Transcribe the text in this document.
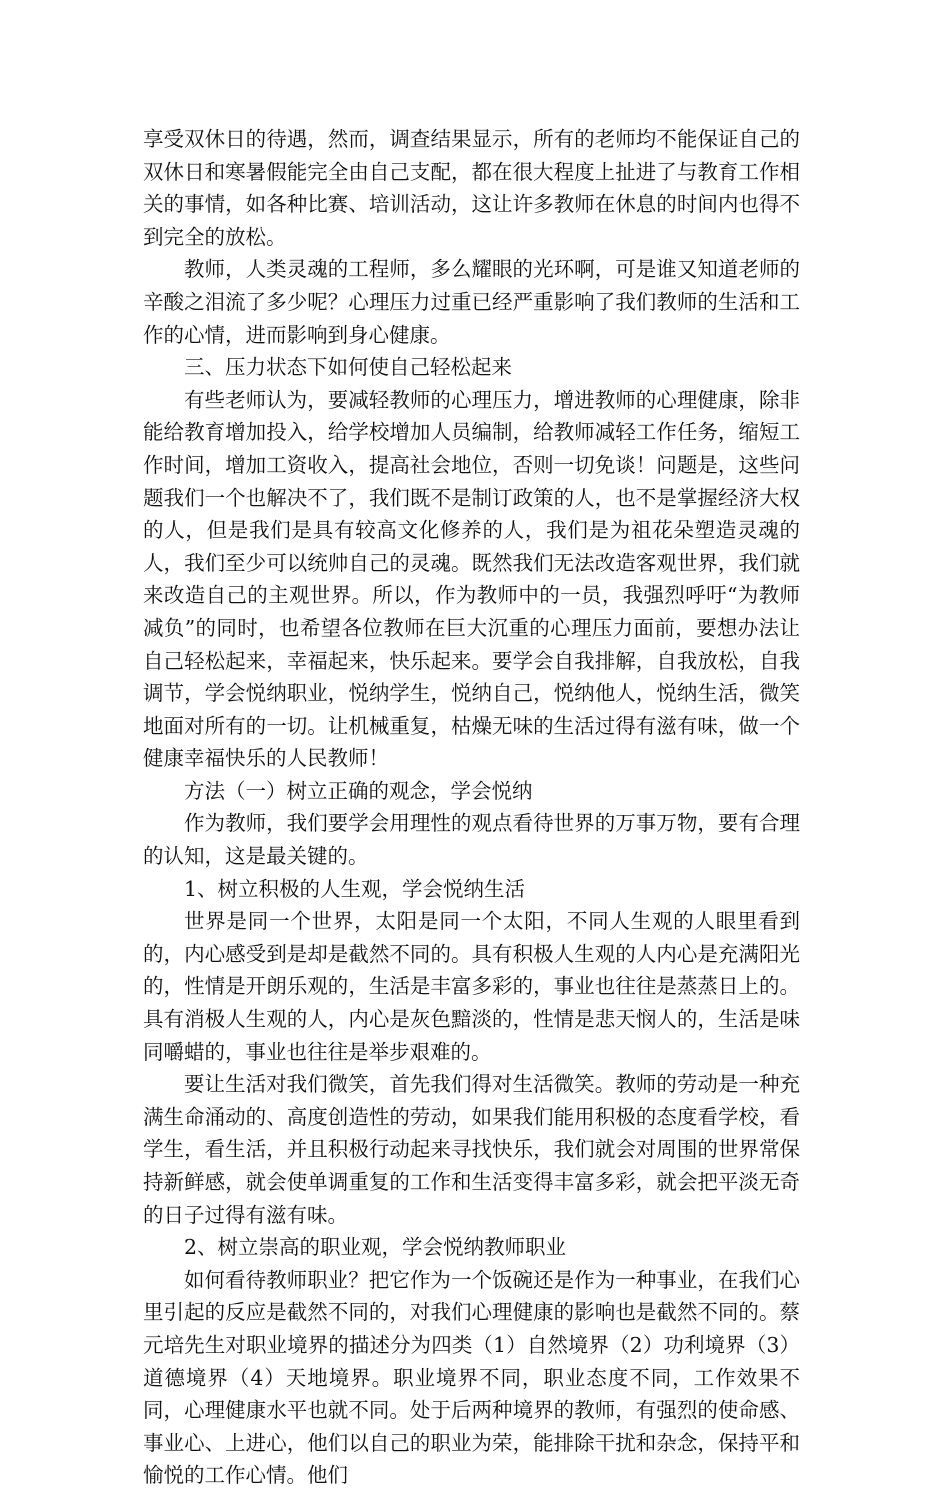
享受双休日的待遇，然而，调查结果显示，所有的老师均不能保证自己的双休日和寒暑假能完全由自己支配，都在很大程度上扯进了与教育工作相关的事情，如各种比赛、培训活动，这让许多教师在休息的时间内也得不到完全的放松。

教师，人类灵魂的工程师，多么耀眼的光环啊，可是谁又知道老师的辛酸之泪流了多少呢？心理压力过重已经严重影响了我们教师的生活和工作的心情，进而影响到身心健康。

三、压力状态下如何使自己轻松起来

有些老师认为，要减轻教师的心理压力，增进教师的心理健康，除非能给教育增加投入，给学校增加人员编制，给教师减轻工作任务，缩短工作时间，增加工资收入，提高社会地位，否则一切免谈！问题是，这些问题我们一个也解决不了，我们既不是制订政策的人，也不是掌握经济大权的人，但是我们是具有较高文化修养的人，我们是为祖花朵塑造灵魂的人，我们至少可以统帅自己的灵魂。既然我们无法改造客观世界，我们就来改造自己的主观世界。所以，作为教师中的一员，我强烈呼吁“为教师减负”的同时，也希望各位教师在巨大沉重的心理压力面前，要想办法让自己轻松起来，幸福起来，快乐起来。要学会自我排解，自我放松，自我调节，学会悦纳职业，悦纳学生，悦纳自己，悦纳他人，悦纳生活，微笑地面对所有的一切。让机械重复，枯燥无味的生活过得有滋有味，做一个健康幸福快乐的人民教师！

方法（一）树立正确的观念，学会悦纳

作为教师，我们要学会用理性的观点看待世界的万事万物，要有合理的认知，这是最关键的。

1、树立积极的人生观，学会悦纳生活

世界是同一个世界，太阳是同一个太阳，不同人生观的人眼里看到的，内心感受到是却是截然不同的。具有积极人生观的人内心是充满阳光的，性情是开朗乐观的，生活是丰富多彩的，事业也往往是蒸蒸日上的。具有消极人生观的人，内心是灰色黯淡的，性情是悲天悯人的，生活是味同嚼蜡的，事业也往往是举步艰难的。

要让生活对我们微笑，首先我们得对生活微笑。教师的劳动是一种充满生命涌动的、高度创造性的劳动，如果我们能用积极的态度看学校，看学生，看生活，并且积极行动起来寻找快乐，我们就会对周围的世界常保持新鲜感，就会使单调重复的工作和生活变得丰富多彩，就会把平淡无奇的日子过得有滋有味。

2、树立崇高的职业观，学会悦纳教师职业

如何看待教师职业？把它作为一个饭碗还是作为一种事业，在我们心里引起的反应是截然不同的，对我们心理健康的影响也是截然不同的。蔡元培先生对职业境界的描述分为四类（1）自然境界（2）功利境界（3）道德境界（4）天地境界。职业境界不同，职业态度不同，工作效果不同，心理健康水平也就不同。处于后两种境界的教师，有强烈的使命感、事业心、上进心，他们以自己的职业为荣，能排除干扰和杂念，保持平和愉悦的工作心情。他们
